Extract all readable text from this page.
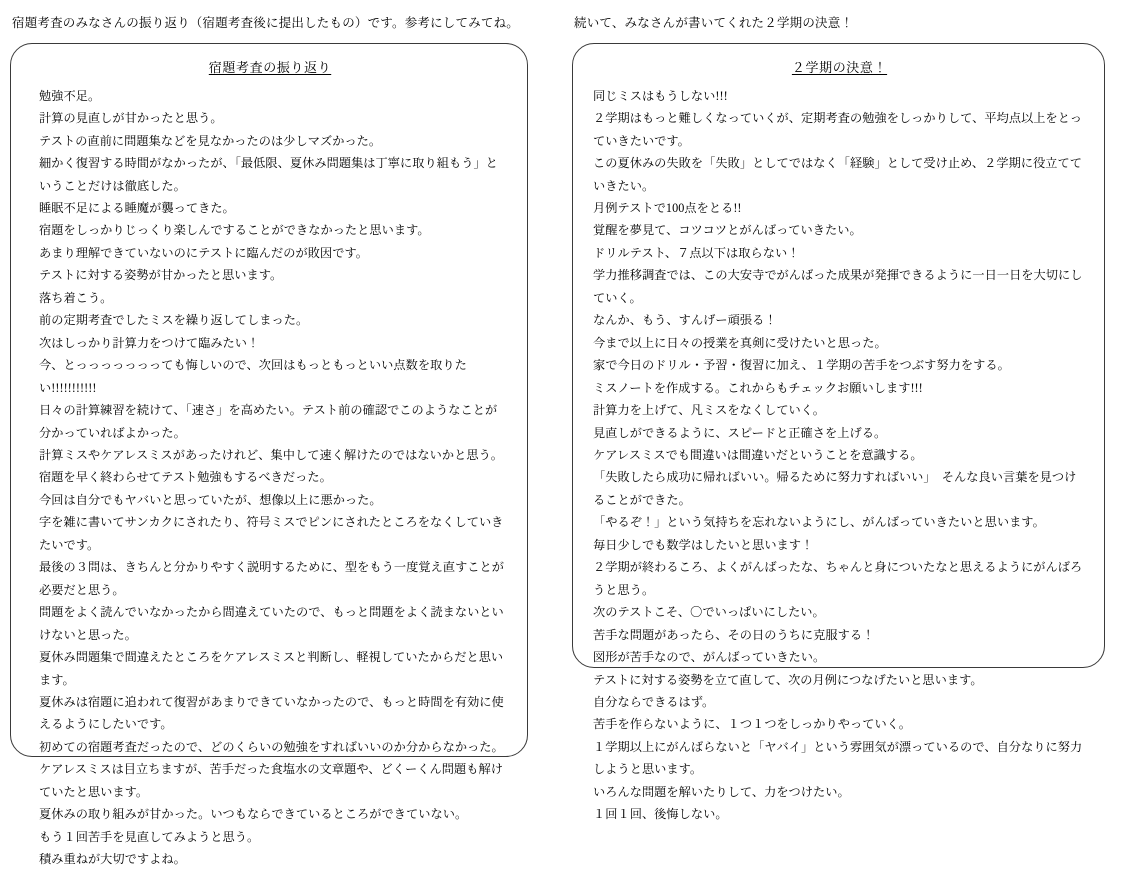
宿題考査のみなさんの振り返り（宿題考査後に提出したもの）です。参考にしてみてね。

宿題考査の振り返り

勉強不足。

計算の見直しが甘かったと思う。

テストの直前に問題集などを見なかったのは少しマズかった。

細かく復習する時間がなかったが、「最低限、夏休み問題集は丁寧に取り組もう」ということだけは徹底した。

睡眠不足による睡魔が襲ってきた。

宿題をしっかりじっくり楽しんですることができなかったと思います。

あまり理解できていないのにテストに臨んだのが敗因です。

テストに対する姿勢が甘かったと思います。

落ち着こう。

前の定期考査でしたミスを繰り返してしまった。

次はしっかり計算力をつけて臨みたい！

今、とっっっっっっっても悔しいので、次回はもっともっといい点数を取りたい!!!!!!!!!!!

日々の計算練習を続けて、「速さ」を高めたい。テスト前の確認でこのようなことが分かっていればよかった。

計算ミスやケアレスミスがあったけれど、集中して速く解けたのではないかと思う。

宿題を早く終わらせてテスト勉強もするべきだった。

今回は自分でもヤバいと思っていたが、想像以上に悪かった。

字を雑に書いてサンカクにされたり、符号ミスでピンにされたところをなくしていきたいです。

最後の３問は、きちんと分かりやすく説明するために、型をもう一度覚え直すことが必要だと思う。

問題をよく読んでいなかったから間違えていたので、もっと問題をよく読まないといけないと思った。

夏休み問題集で間違えたところをケアレスミスと判断し、軽視していたからだと思います。

夏休みは宿題に追われて復習があまりできていなかったので、もっと時間を有効に使えるようにしたいです。

初めての宿題考査だったので、どのくらいの勉強をすればいいのか分からなかった。

ケアレスミスは目立ちますが、苦手だった食塩水の文章題や、どくーくん問題も解けていたと思います。

夏休みの取り組みが甘かった。いつもならできているところができていない。

もう１回苦手を見直してみようと思う。

積み重ねが大切ですよね。

続いて、みなさんが書いてくれた２学期の決意！

２学期の決意！

同じミスはもうしない!!!

２学期はもっと難しくなっていくが、定期考査の勉強をしっかりして、平均点以上をとっていきたいです。

この夏休みの失敗を「失敗」としてではなく「経験」として受け止め、２学期に役立てていきたい。

月例テストで100点をとる!!

覚醒を夢見て、コツコツとがんばっていきたい。

ドリルテスト、７点以下は取らない！

学力推移調査では、この大安寺でがんばった成果が発揮できるように一日一日を大切にしていく。

なんか、もう、すんげー頑張る！

今まで以上に日々の授業を真剣に受けたいと思った。

家で今日のドリル・予習・復習に加え、１学期の苦手をつぶす努力をする。

ミスノートを作成する。これからもチェックお願いします!!!

計算力を上げて、凡ミスをなくしていく。

見直しができるように、スピードと正確さを上げる。

ケアレスミスでも間違いは間違いだということを意識する。

「失敗したら成功に帰ればいい。帰るために努力すればいい」　そんな良い言葉を見つけることができた。

「やるぞ！」という気持ちを忘れないようにし、がんばっていきたいと思います。

毎日少しでも数学はしたいと思います！

２学期が終わるころ、よくがんばったな、ちゃんと身についたなと思えるようにがんばろうと思う。

次のテストこそ、〇でいっぱいにしたい。

苦手な問題があったら、その日のうちに克服する！

図形が苦手なので、がんばっていきたい。

テストに対する姿勢を立て直して、次の月例につなげたいと思います。

自分ならできるはず。

苦手を作らないように、１つ１つをしっかりやっていく。

１学期以上にがんばらないと「ヤバイ」という雰囲気が漂っているので、自分なりに努力しようと思います。

いろんな問題を解いたりして、力をつけたい。

１回１回、後悔しない。
